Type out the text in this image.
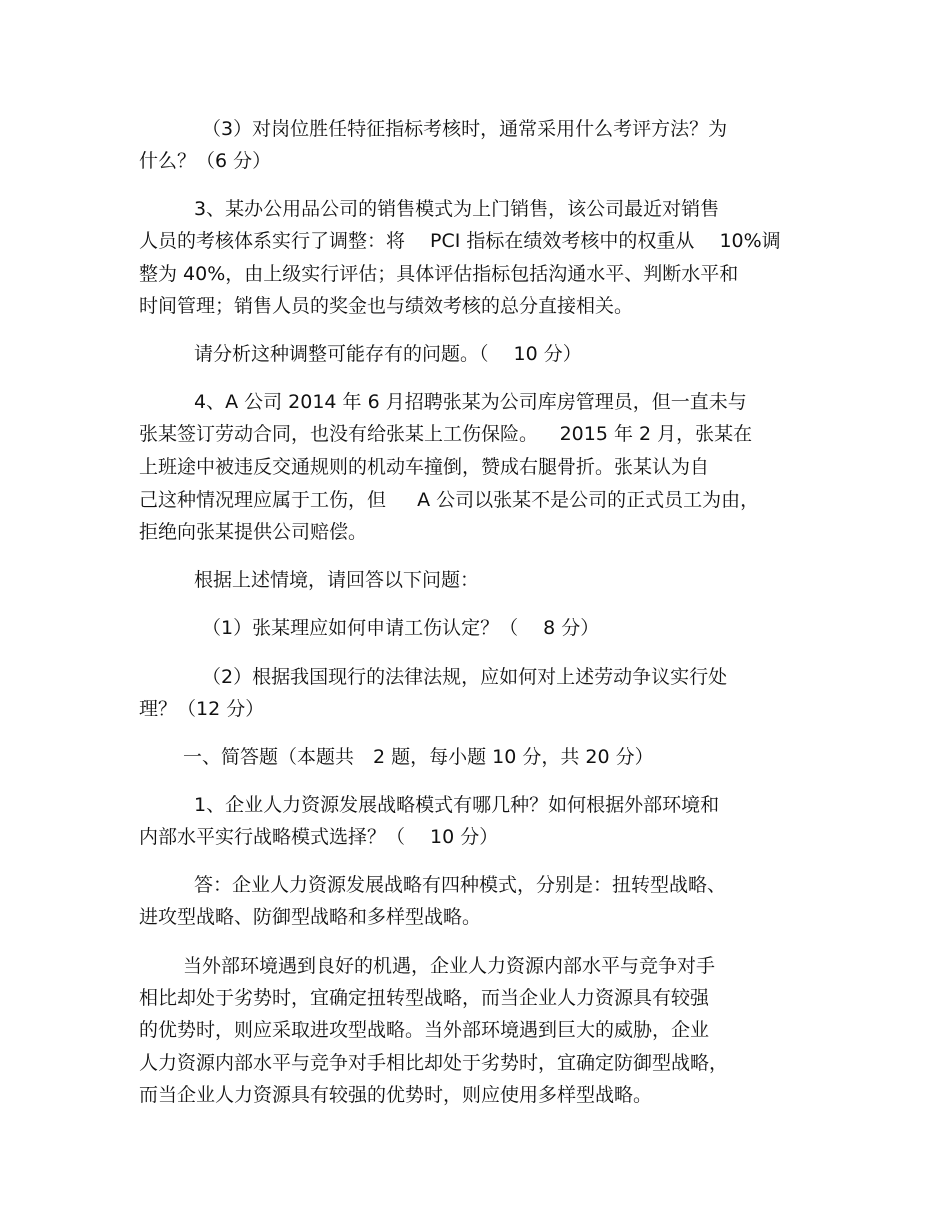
（3）对岗位胜任特征指标考核时，通常采用什么考评方法？为
什么？（6 分）
3、某办公用品公司的销售模式为上门销售，该公司最近对销售
人员的考核体系实行了调整：将　 PCI 指标在绩效考核中的权重从　 10%调
整为 40%，由上级实行评估；具体评估指标包括沟通水平、判断水平和
时间管理；销售人员的奖金也与绩效考核的总分直接相关。
请分析这种调整可能存有的问题。（　 10 分）
4、A 公司 2014 年 6 月招聘张某为公司库房管理员，但一直未与
张某签订劳动合同，也没有给张某上工伤保险。　  2015 年 2 月，张某在
上班途中被违反交通规则的机动车撞倒，赞成右腿骨折。张某认为自
己这种情况理应属于工伤，但　  A 公司以张某不是公司的正式员工为由，
拒绝向张某提供公司赔偿。
根据上述情境，请回答以下问题：
（1）张某理应如何申请工伤认定？（　 8 分）
（2）根据我国现行的法律法规，应如何对上述劳动争议实行处
理？（12 分）
一、简答题（本题共　2 题，每小题 10 分，共 20 分）
1、企业人力资源发展战略模式有哪几种？如何根据外部环境和
内部水平实行战略模式选择？（　 10 分）
答：企业人力资源发展战略有四种模式，分别是：扭转型战略、
进攻型战略、防御型战略和多样型战略。
当外部环境遇到良好的机遇，企业人力资源内部水平与竞争对手
相比却处于劣势时，宜确定扭转型战略，而当企业人力资源具有较强
的优势时，则应采取进攻型战略。当外部环境遇到巨大的威胁，企业
人力资源内部水平与竞争对手相比却处于劣势时，宜确定防御型战略，
而当企业人力资源具有较强的优势时，则应使用多样型战略。
